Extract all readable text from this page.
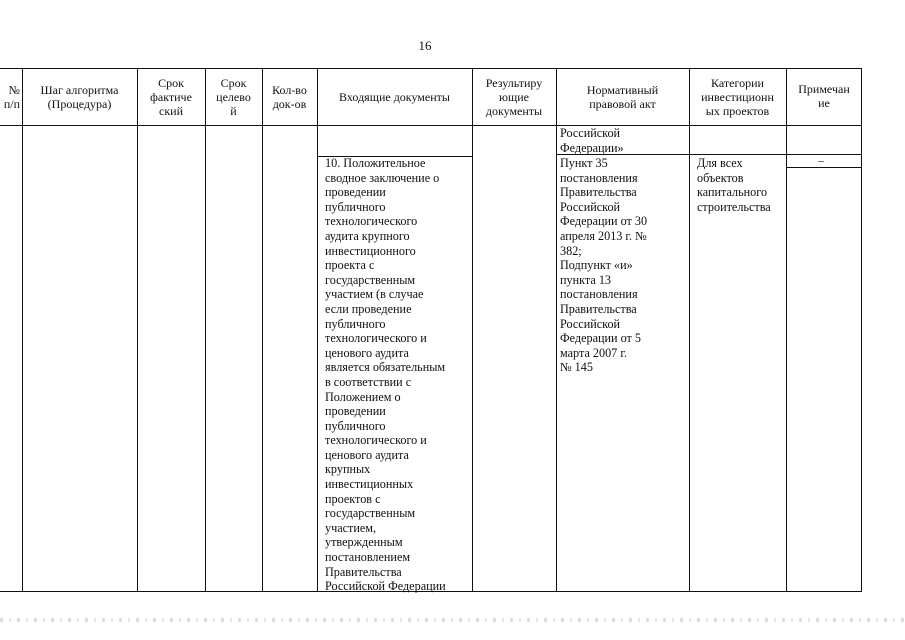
16
№
п/п
Шаг алгоритма
(Процедура)
Срок
фактиче
ский
Срок
целево
й
Кол-во
док-ов	Входящие документы
Результиру
ющие
документы
Нормативный
правовой акт
Категории
инвестиционн
ых проектов
Примечан
ие
Российской
Федерации»
10. Положительное
сводное заключение о
проведении
публичного
технологического
аудита крупного
инвестиционного
проекта с
государственным
участием (в случае
если проведение
публичного
технологического и
ценового аудита
является обязательным
в соответствии с
Положением о
проведении
публичного
технологического и
ценового аудита
крупных
инвестиционных
проектов с
государственным
участием,
утвержденным
постановлением
Правительства
Российской Федерации
Пункт 35
постановления
Правительства
Российской
Федерации от 30
апреля 2013 г. №
382;
Подпункт «и»
пункта 13
постановления
Правительства
Российской
Федерации от 5
марта 2007 г.
№ 145
Для всех
объектов
капитального
строительства
–
